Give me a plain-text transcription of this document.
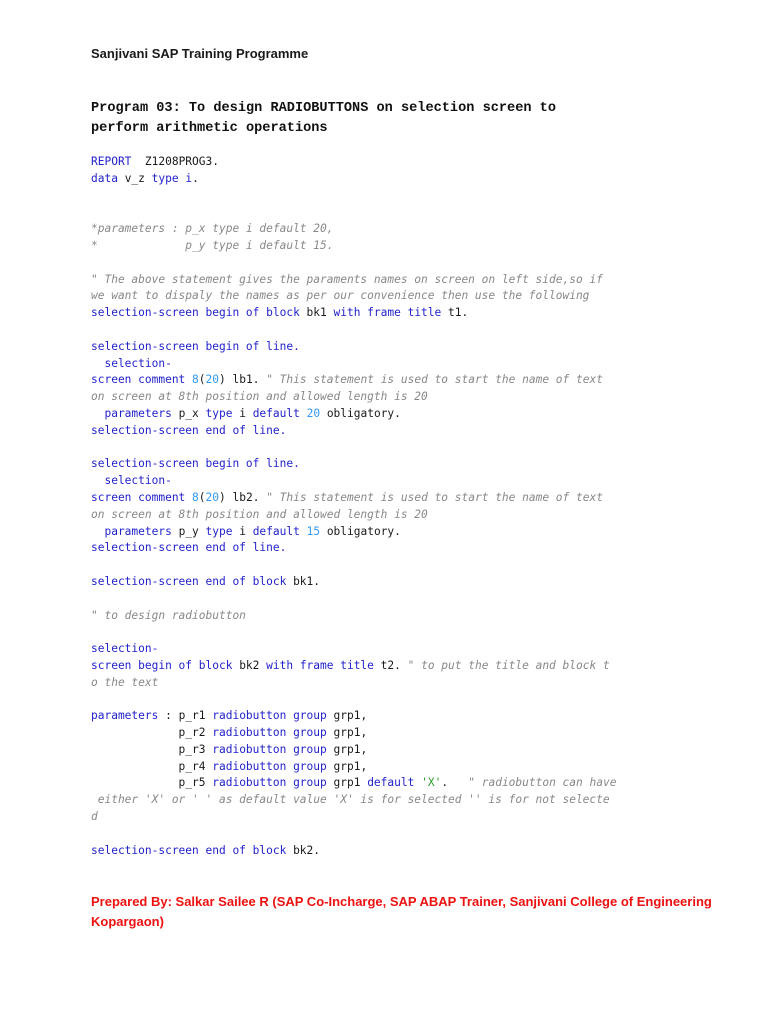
Sanjivani SAP Training Programme
Program 03: To design RADIOBUTTONS on selection screen to
perform arithmetic operations
REPORT  Z1208PROG3.
data v_z type i.

*parameters : p_x type i default 20,
*             p_y type i default 15.

" The above statement gives the paraments names on screen on left side,so if
we want to dispaly the names as per our convenience then use the following
selection-screen begin of block bk1 with frame title t1.

selection-screen begin of line.
selection-
screen comment 8(20) lb1. " This statement is used to start the name of text
on screen at 8th position and allowed length is 20
parameters p_x type i default 20 obligatory.
selection-screen end of line.

selection-screen begin of line.
selection-
screen comment 8(20) lb2. " This statement is used to start the name of text
on screen at 8th position and allowed length is 20
parameters p_y type i default 15 obligatory.
selection-screen end of line.

selection-screen end of block bk1.

" to design radiobutton

selection-
screen begin of block bk2 with frame title t2. " to put the title and block t
o the text

parameters : p_r1 radiobutton group grp1,
p_r2 radiobutton group grp1,
p_r3 radiobutton group grp1,
p_r4 radiobutton group grp1,
p_r5 radiobutton group grp1 default 'X'.   " radiobutton can have
either 'X' or ' ' as default value 'X' is for selected '' is for not selecte
d

selection-screen end of block bk2.
Prepared By: Salkar Sailee R (SAP Co-Incharge, SAP ABAP Trainer, Sanjivani College of Engineering
Kopargaon)
